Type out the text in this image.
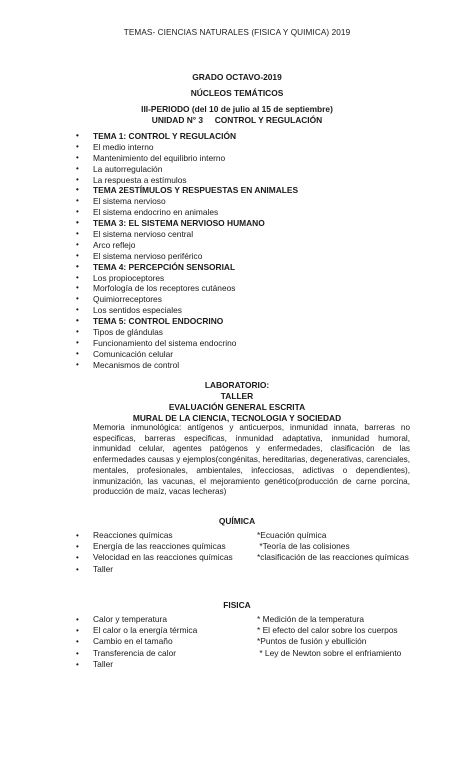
TEMAS- CIENCIAS NATURALES (FISICA Y QUIMICA) 2019
GRADO OCTAVO-2019
NÚCLEOS TEMÁTICOS
III-PERIODO (del 10 de julio al 15 de septiembre)
UNIDAD N° 3     CONTROL Y REGULACIÓN
• TEMA 1: CONTROL Y REGULACIÓN
• El medio interno
• Mantenimiento del equilibrio interno
• La autorregulación
• La respuesta a estímulos
• TEMA 2ESTÍMULOS Y RESPUESTAS EN ANIMALES
• El sistema nervioso
• El sistema endocrino en animales
• TEMA 3: EL SISTEMA NERVIOSO HUMANO
• El sistema nervioso central
• Arco reflejo
• El sistema nervioso periférico
• TEMA 4: PERCEPCIÓN SENSORIAL
• Los propioceptores
• Morfología de los receptores cutáneos
• Quimiorreceptores
• Los sentidos especiales
• TEMA 5: CONTROL ENDOCRINO
• Tipos de glándulas
• Funcionamiento del sistema endocrino
• Comunicación celular
• Mecanismos de control
LABORATORIO:
TALLER
EVALUACIÓN GENERAL ESCRITA
MURAL DE LA CIENCIA, TECNOLOGIA Y SOCIEDAD
Memoria inmunológica: antígenos y anticuerpos, inmunidad innata, barreras no especificas, barreras especificas, inmunidad adaptativa, inmunidad humoral, inmunidad celular, agentes patógenos y enfermedades, clasificación de las enfermedades causas y ejemplos(congénitas, hereditarias, degenerativas, carenciales, mentales, profesionales, ambientales, infecciosas, adictivas o dependientes), inmunización, las vacunas, el mejoramiento genético(producción de carne porcina, producción de maíz, vacas lecheras)
QUÍMICA
Reacciones químicas	*Ecuación química
Energía de las reacciones químicas	*Teoría de las colisiones
Velocidad en las reacciones químicas	*clasificación de las reacciones químicas
Taller
FISICA
Calor y temperatura	* Medición de la temperatura
El calor o la energía térmica	* El efecto del calor sobre los cuerpos
Cambio en el tamaño	*Puntos de fusión y ebullición
Transferencia de calor	* Ley de Newton sobre el enfriamiento
Taller
